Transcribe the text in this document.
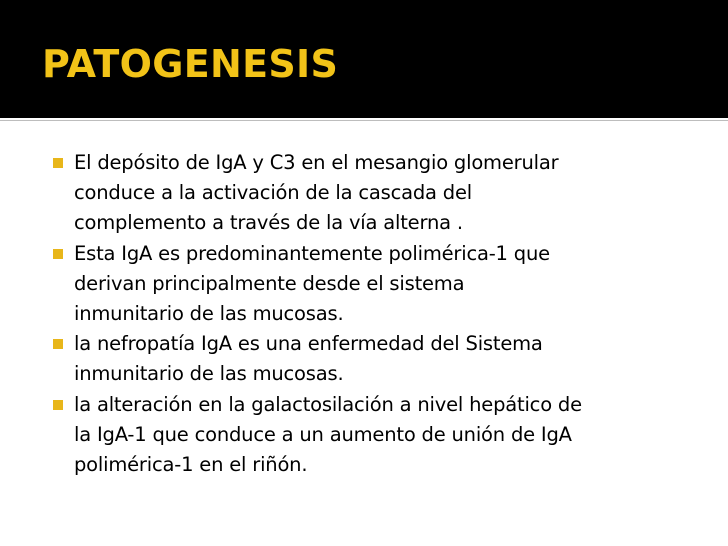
PATOGENESIS
El depósito de IgA y C3 en el mesangio glomerular
conduce a la activación de la cascada del
complemento a través de la vía alterna .
Esta IgA es predominantemente polimérica-1 que
derivan principalmente desde el sistema
inmunitario de las mucosas.
la nefropatía IgA es una enfermedad del Sistema
inmunitario de las mucosas.
la alteración en la galactosilación a nivel hepático de
la IgA-1 que conduce a un aumento de unión de IgA
polimérica-1 en el riñón.
